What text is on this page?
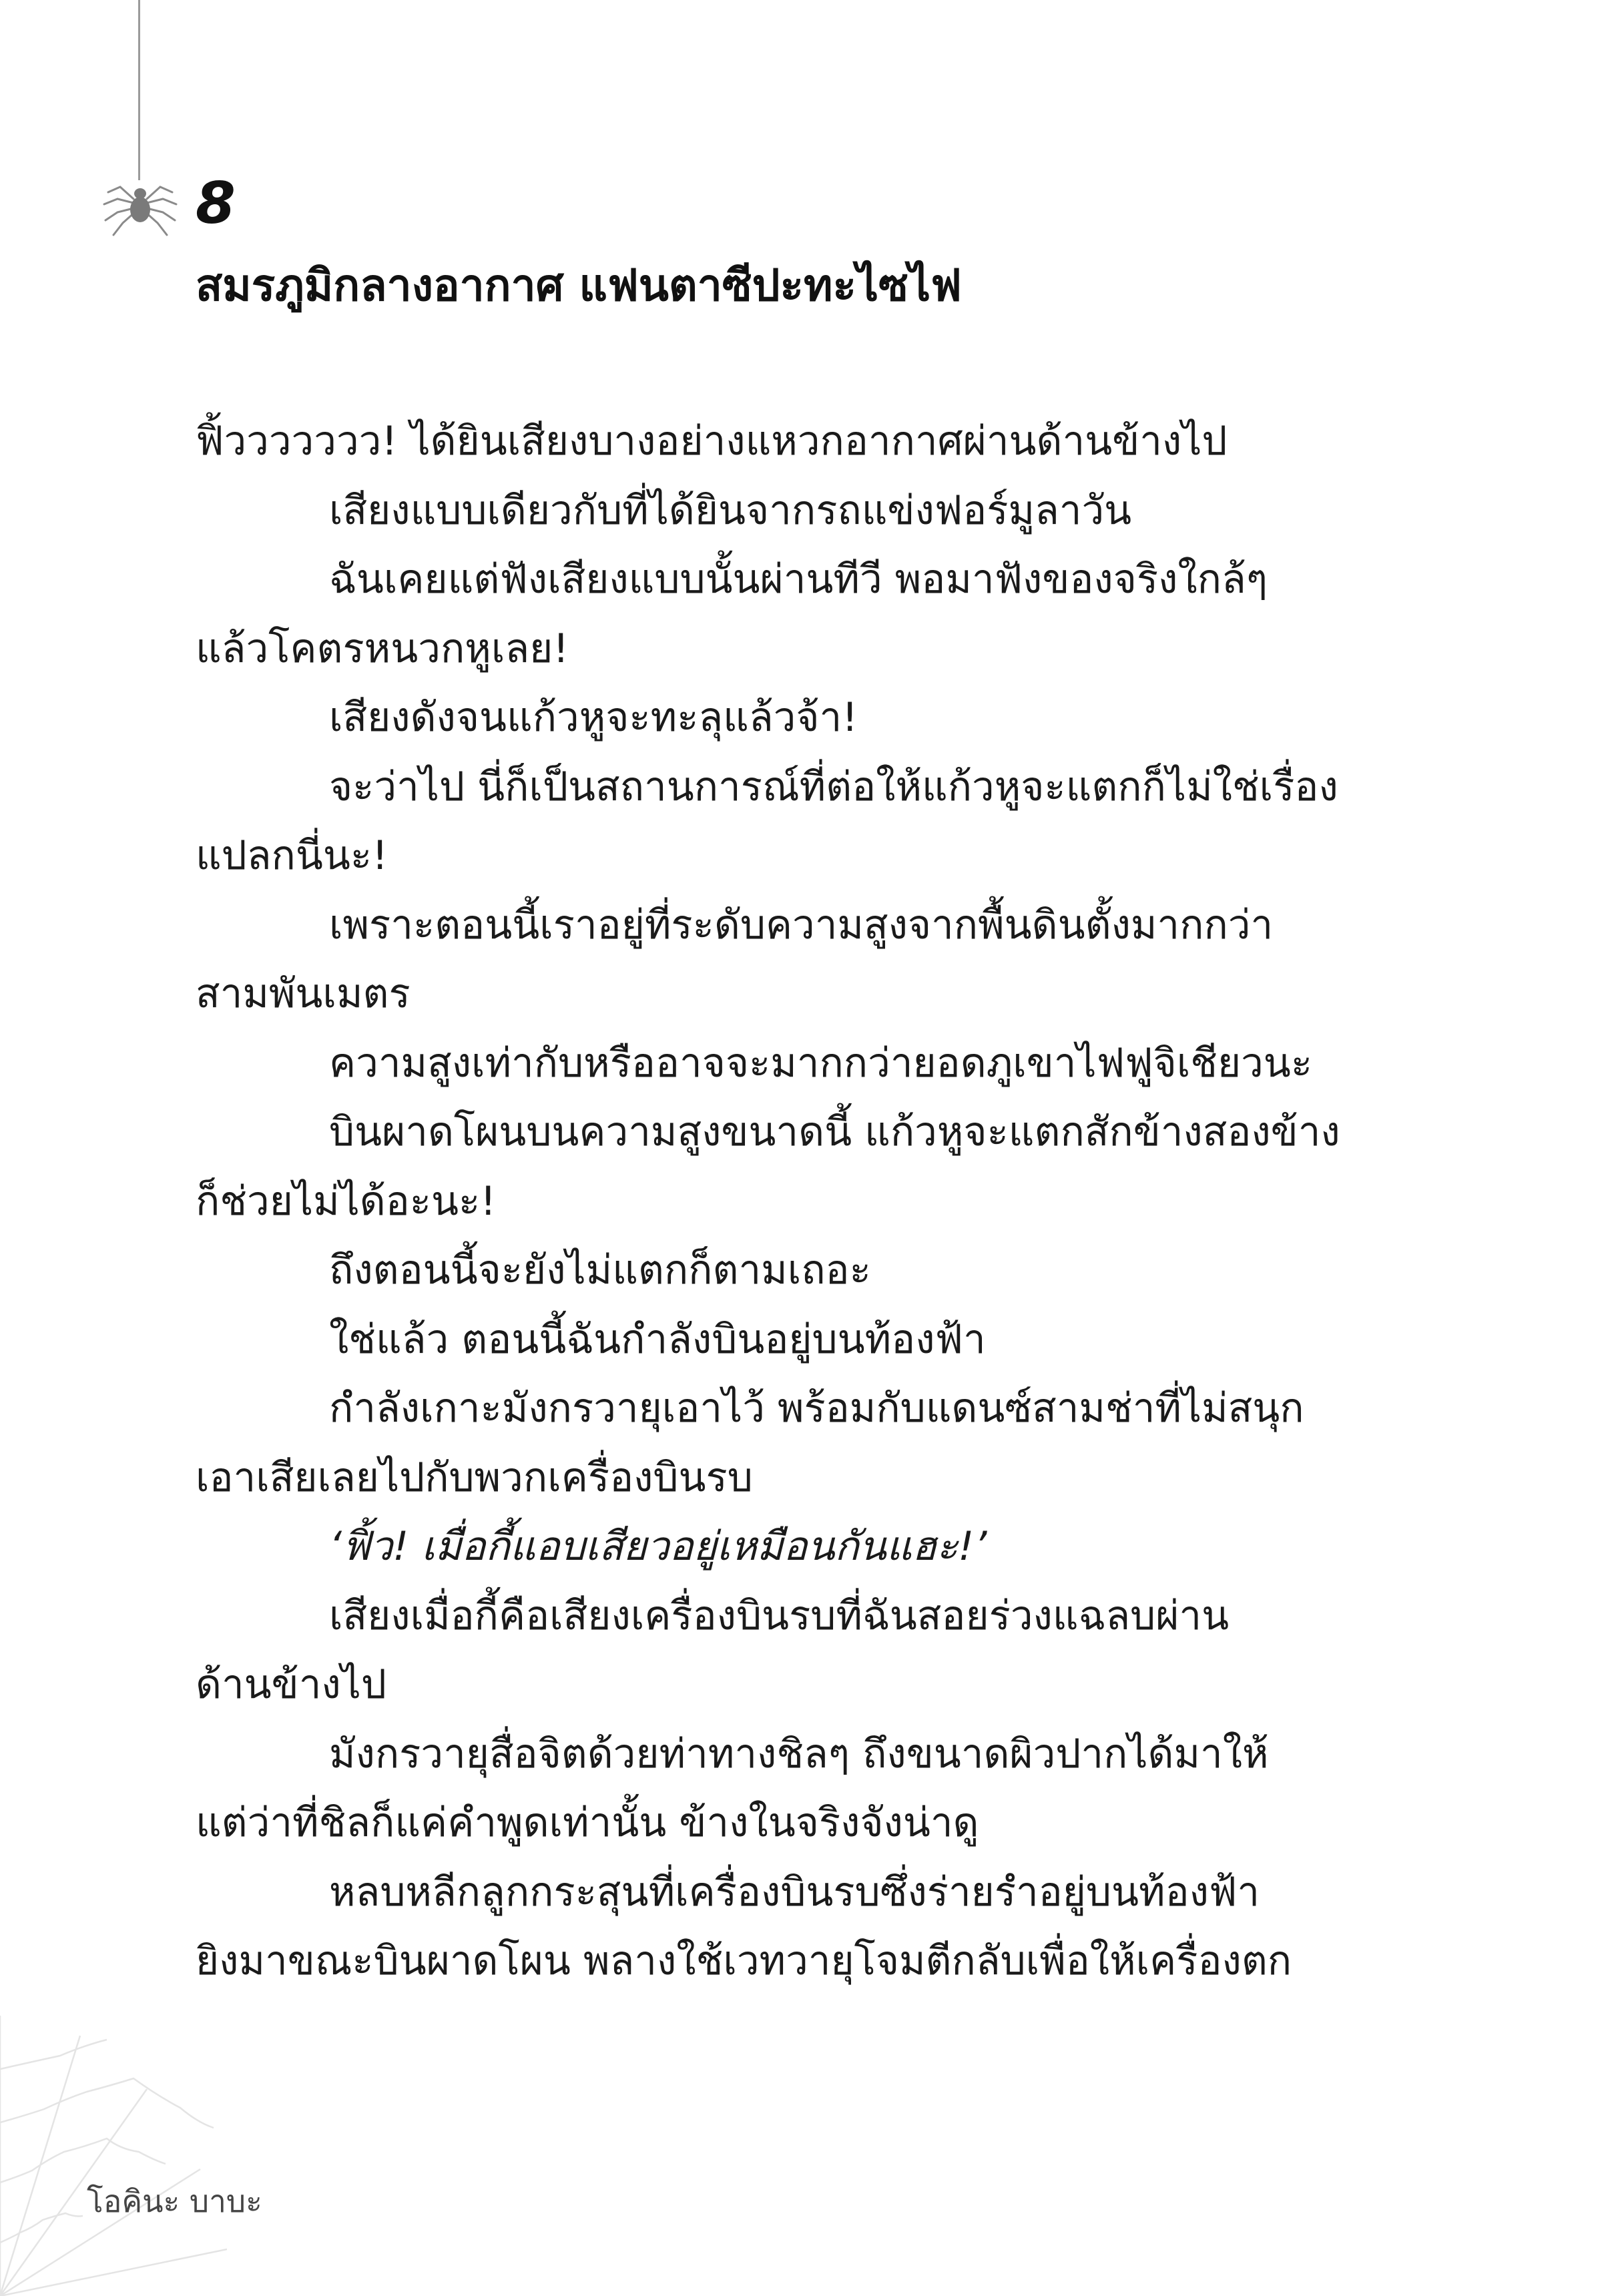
8
สมรภูมิกลางอากาศ แฟนตาซีปะทะไซไฟ
ฟิ้ววววววว! ได้ยินเสียงบางอย่างแหวกอากาศผ่านด้านข้างไป
เสียงแบบเดียวกับที่ได้ยินจากรถแข่งฟอร์มูลาวัน
ฉันเคยแต่ฟังเสียงแบบนั้นผ่านทีวี พอมาฟังของจริงใกล้ๆ
แล้วโคตรหนวกหูเลย!
เสียงดังจนแก้วหูจะทะลุแล้วจ้า!
จะว่าไป นี่ก็เป็นสถานการณ์ที่ต่อให้แก้วหูจะแตกก็ไม่ใช่เรื่อง
แปลกนี่นะ!
เพราะตอนนี้เราอยู่ที่ระดับความสูงจากพื้นดินตั้งมากกว่า
สามพันเมตร
ความสูงเท่ากับหรืออาจจะมากกว่ายอดภูเขาไฟฟูจิเชียวนะ
บินผาดโผนบนความสูงขนาดนี้ แก้วหูจะแตกสักข้างสองข้าง
ก็ช่วยไม่ได้อะนะ!
ถึงตอนนี้จะยังไม่แตกก็ตามเถอะ
ใช่แล้ว ตอนนี้ฉันกำลังบินอยู่บนท้องฟ้า
กำลังเกาะมังกรวายุเอาไว้ พร้อมกับแดนซ์สามช่าที่ไม่สนุก
เอาเสียเลยไปกับพวกเครื่องบินรบ
‘ฟิ้ว! เมื่อกี้แอบเสียวอยู่เหมือนกันแฮะ!’
เสียงเมื่อกี้คือเสียงเครื่องบินรบที่ฉันสอยร่วงแฉลบผ่าน
ด้านข้างไป
มังกรวายุสื่อจิตด้วยท่าทางชิลๆ ถึงขนาดผิวปากได้มาให้
แต่ว่าที่ชิลก็แค่คำพูดเท่านั้น ข้างในจริงจังน่าดู
หลบหลีกลูกกระสุนที่เครื่องบินรบซึ่งร่ายรำอยู่บนท้องฟ้า
ยิงมาขณะบินผาดโผน พลางใช้เวทวายุโจมตีกลับเพื่อให้เครื่องตก
โอคินะ บาบะ
